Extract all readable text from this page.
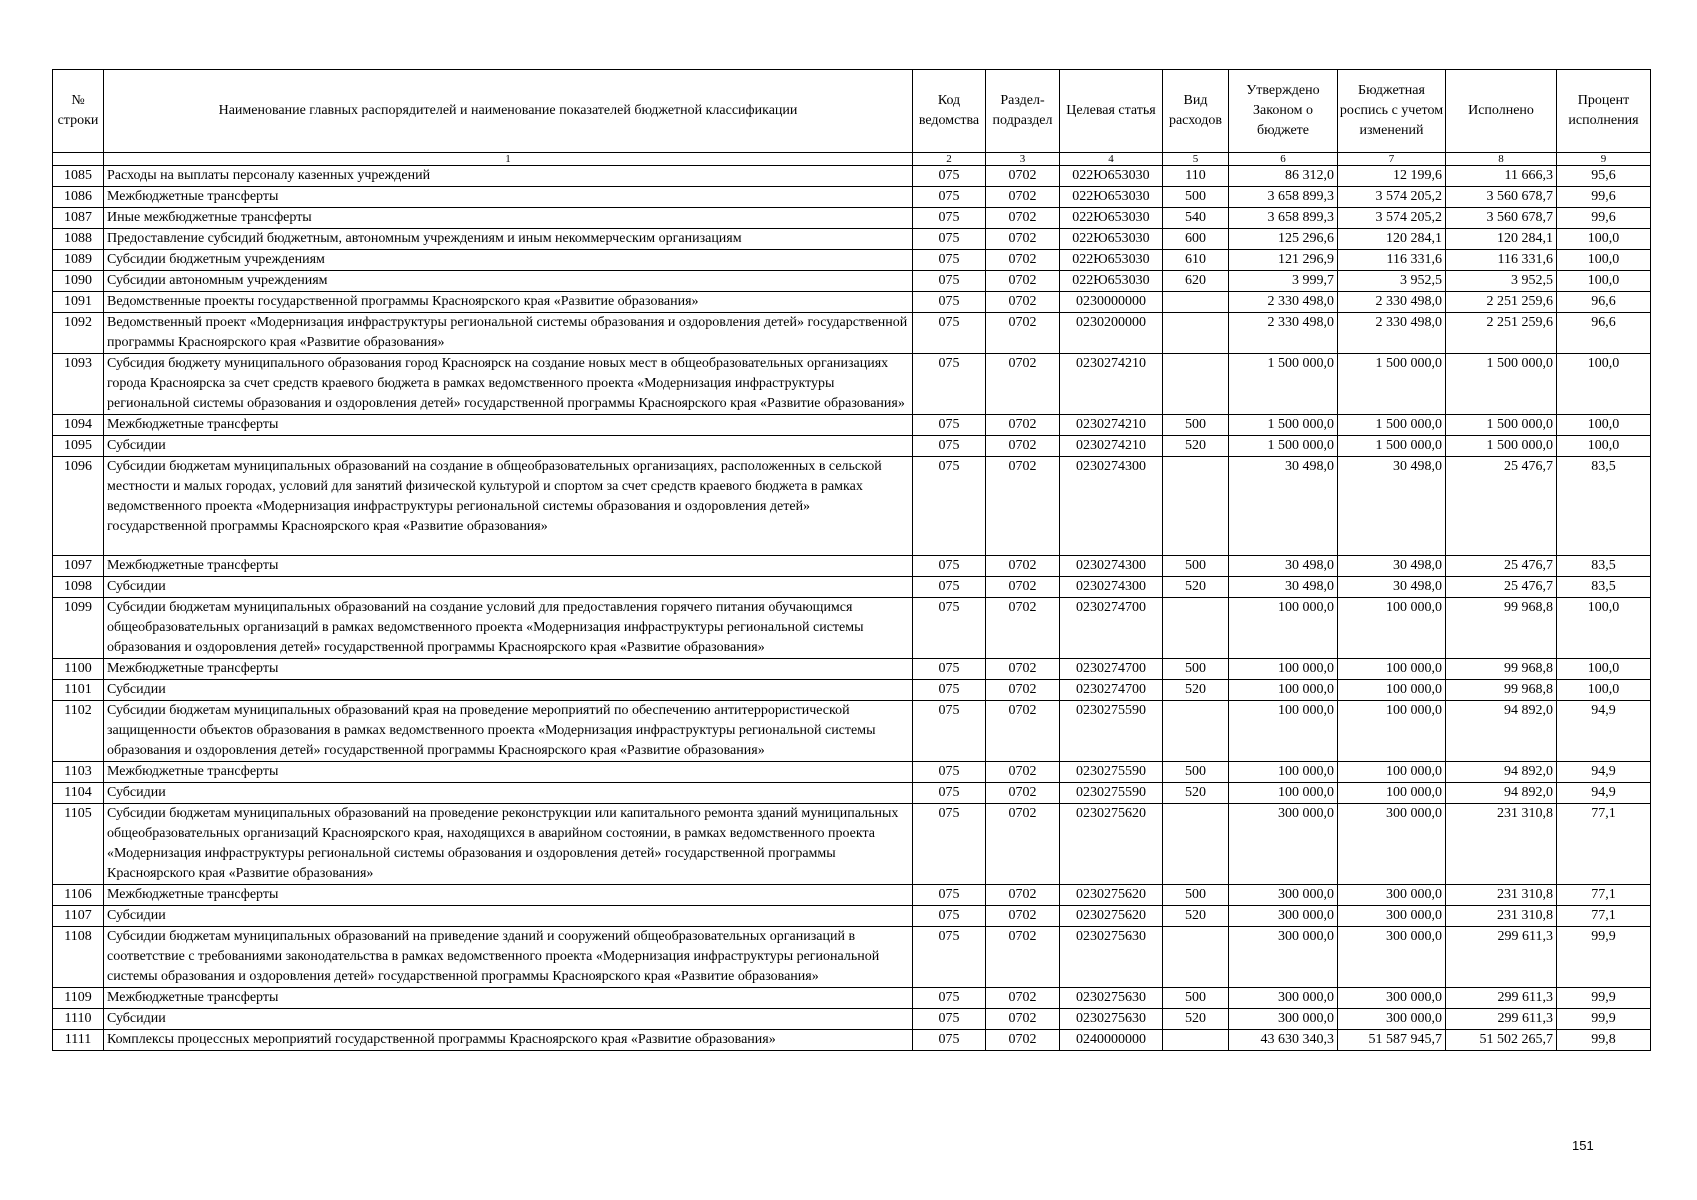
№ строки	Наименование главных распорядителей и наименование показателей бюджетной классификации	Код ведомства	Раздел-подраздел	Целевая статья	Вид расходов	Утверждено Законом о бюджете	Бюджетная роспись с учетом изменений	Исполнено	Процент исполнения
	1	2	3	4	5	6	7	8	9
1085	Расходы на выплаты персоналу казенных учреждений	075	0702	022Ю653030	110	86 312,0	12 199,6	11 666,3	95,6
1086	Межбюджетные трансферты	075	0702	022Ю653030	500	3 658 899,3	3 574 205,2	3 560 678,7	99,6
1087	Иные межбюджетные трансферты	075	0702	022Ю653030	540	3 658 899,3	3 574 205,2	3 560 678,7	99,6
1088	Предоставление субсидий бюджетным, автономным учреждениям и иным некоммерческим организациям	075	0702	022Ю653030	600	125 296,6	120 284,1	120 284,1	100,0
1089	Субсидии бюджетным учреждениям	075	0702	022Ю653030	610	121 296,9	116 331,6	116 331,6	100,0
1090	Субсидии автономным учреждениям	075	0702	022Ю653030	620	3 999,7	3 952,5	3 952,5	100,0
1091	Ведомственные проекты государственной программы Красноярского края «Развитие образования»	075	0702	0230000000		2 330 498,0	2 330 498,0	2 251 259,6	96,6
1092	Ведомственный проект «Модернизация инфраструктуры региональной системы образования и оздоровления детей» государственной программы Красноярского края «Развитие образования»	075	0702	0230200000		2 330 498,0	2 330 498,0	2 251 259,6	96,6
1093	Субсидия бюджету муниципального образования город Красноярск на создание новых мест в общеобразовательных организациях города Красноярска за счет средств краевого бюджета в рамках ведомственного проекта «Модернизация инфраструктуры региональной системы образования и оздоровления детей» государственной программы Красноярского края «Развитие образования»	075	0702	0230274210		1 500 000,0	1 500 000,0	1 500 000,0	100,0
1094	Межбюджетные трансферты	075	0702	0230274210	500	1 500 000,0	1 500 000,0	1 500 000,0	100,0
1095	Субсидии	075	0702	0230274210	520	1 500 000,0	1 500 000,0	1 500 000,0	100,0
1096	Субсидии бюджетам муниципальных образований на создание в общеобразовательных организациях, расположенных в сельской местности и малых городах, условий для занятий физической культурой и спортом за счет средств краевого бюджета в рамках ведомственного проекта «Модернизация инфраструктуры региональной системы образования и оздоровления детей» государственной программы Красноярского края «Развитие образования»	075	0702	0230274300		30 498,0	30 498,0	25 476,7	83,5
1097	Межбюджетные трансферты	075	0702	0230274300	500	30 498,0	30 498,0	25 476,7	83,5
1098	Субсидии	075	0702	0230274300	520	30 498,0	30 498,0	25 476,7	83,5
1099	Субсидии бюджетам муниципальных образований на создание условий для предоставления горячего питания обучающимся общеобразовательных организаций в рамках ведомственного проекта «Модернизация инфраструктуры региональной системы образования и оздоровления детей» государственной программы Красноярского края «Развитие образования»	075	0702	0230274700		100 000,0	100 000,0	99 968,8	100,0
1100	Межбюджетные трансферты	075	0702	0230274700	500	100 000,0	100 000,0	99 968,8	100,0
1101	Субсидии	075	0702	0230274700	520	100 000,0	100 000,0	99 968,8	100,0
1102	Субсидии бюджетам муниципальных образований края на проведение мероприятий по обеспечению антитеррористической защищенности объектов образования в рамках ведомственного проекта «Модернизация инфраструктуры региональной системы образования и оздоровления детей» государственной программы Красноярского края «Развитие образования»	075	0702	0230275590		100 000,0	100 000,0	94 892,0	94,9
1103	Межбюджетные трансферты	075	0702	0230275590	500	100 000,0	100 000,0	94 892,0	94,9
1104	Субсидии	075	0702	0230275590	520	100 000,0	100 000,0	94 892,0	94,9
1105	Субсидии бюджетам муниципальных образований на проведение реконструкции или капитального ремонта зданий муниципальных общеобразовательных организаций Красноярского края, находящихся в аварийном состоянии, в рамках ведомственного проекта «Модернизация инфраструктуры региональной системы образования и оздоровления детей» государственной программы Красноярского края «Развитие образования»	075	0702	0230275620		300 000,0	300 000,0	231 310,8	77,1
1106	Межбюджетные трансферты	075	0702	0230275620	500	300 000,0	300 000,0	231 310,8	77,1
1107	Субсидии	075	0702	0230275620	520	300 000,0	300 000,0	231 310,8	77,1
1108	Субсидии бюджетам муниципальных образований на приведение зданий и сооружений общеобразовательных организаций в соответствие с требованиями законодательства в рамках ведомственного проекта «Модернизация инфраструктуры региональной системы образования и оздоровления детей» государственной программы Красноярского края «Развитие образования»	075	0702	0230275630		300 000,0	300 000,0	299 611,3	99,9
1109	Межбюджетные трансферты	075	0702	0230275630	500	300 000,0	300 000,0	299 611,3	99,9
1110	Субсидии	075	0702	0230275630	520	300 000,0	300 000,0	299 611,3	99,9
1111	Комплексы процессных мероприятий государственной программы Красноярского края «Развитие образования»	075	0702	0240000000		43 630 340,3	51 587 945,7	51 502 265,7	99,8
151
